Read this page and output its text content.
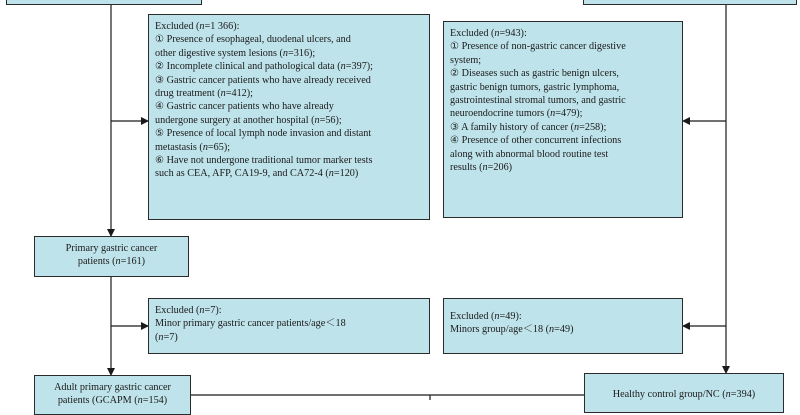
Excluded (n=1 366):
① Presence of esophageal, duodenal ulcers, and
other digestive system lesions (n=316);
② Incomplete clinical and pathological data (n=397);
③ Gastric cancer patients who have already received
drug treatment (n=412);
④ Gastric cancer patients who have already
undergone surgery at another hospital (n=56);
⑤ Presence of local lymph node invasion and distant
metastasis (n=65);
⑥ Have not undergone traditional tumor marker tests
such as CEA, AFP, CA19-9, and CA72-4 (n=120)
Excluded (n=943):
① Presence of non-gastric cancer digestive
system;
② Diseases such as gastric benign ulcers,
gastric benign tumors, gastric lymphoma,
gastrointestinal stromal tumors, and gastric
neuroendocrine tumors (n=479);
③ A family history of cancer (n=258);
④ Presence of other concurrent infections
along with abnormal blood routine test
results (n=206)
Primary gastric cancer
patients (n=161)
Excluded (n=7):
Minor primary gastric cancer patients/age＜18
(n=7)
Excluded (n=49):
Minors group/age＜18 (n=49)
Adult primary gastric cancer
patients (GCAPM (n=154)
Healthy control group/NC (n=394)
